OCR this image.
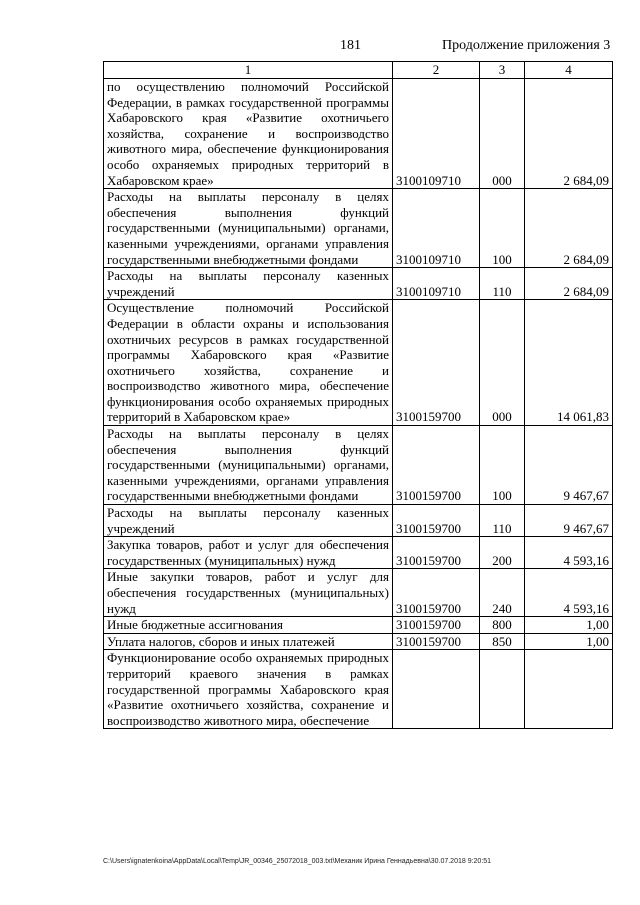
181	Продолжение приложения 3
1	2	3	4
по осуществлению полномочий Российской Федерации, в рамках государственной программы Хабаровского края «Развитие охотничьего хозяйства, сохранение и воспроизводство животного мира, обеспечение функционирования особо охраняемых природных территорий в Хабаровском крае»	3100109710	000	2 684,09
Расходы на выплаты персоналу в целях обеспечения выполнения функций государственными (муниципальными) органами, казенными учреждениями, органами управления государственными внебюджетными фондами	3100109710	100	2 684,09
Расходы на выплаты персоналу казенных учреждений	3100109710	110	2 684,09
Осуществление полномочий Российской Федерации в области охраны и использования охотничьих ресурсов в рамках государственной программы Хабаровского края «Развитие охотничьего хозяйства, сохранение и воспроизводство животного мира, обеспечение функционирования особо охраняемых природных территорий в Хабаровском крае»	3100159700	000	14 061,83
Расходы на выплаты персоналу в целях обеспечения выполнения функций государственными (муниципальными) органами, казенными учреждениями, органами управления государственными внебюджетными фондами	3100159700	100	9 467,67
Расходы на выплаты персоналу казенных учреждений	3100159700	110	9 467,67
Закупка товаров, работ и услуг для обеспечения государственных (муниципальных) нужд	3100159700	200	4 593,16
Иные закупки товаров, работ и услуг для обеспечения государственных (муниципальных) нужд	3100159700	240	4 593,16
Иные бюджетные ассигнования	3100159700	800	1,00
Уплата налогов, сборов и иных платежей	3100159700	850	1,00
Функционирование особо охраняемых природных территорий краевого значения в рамках государственной программы Хабаровского края «Развитие охотничьего хозяйства, сохранение и воспроизводство животного мира, обеспечение			
C:\Users\ignatenkoina\AppData\Local\Temp\JR_00346_25072018_003.txt\Механик Ирина Геннадьевна\30.07.2018 9:20:51
